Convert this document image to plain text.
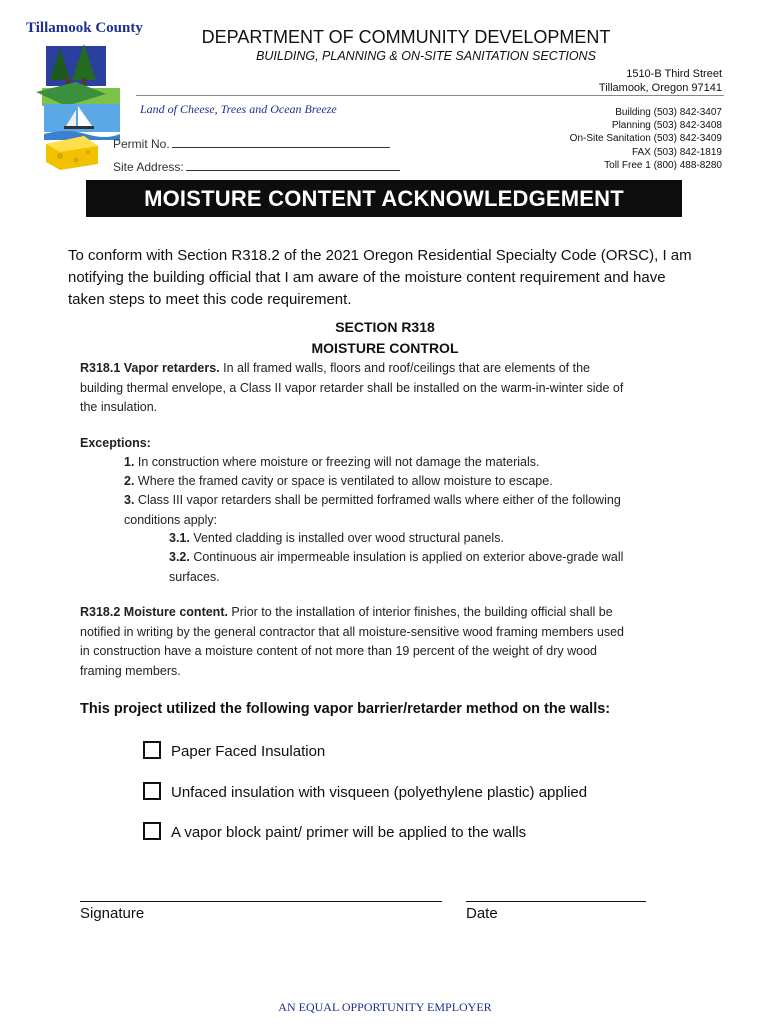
Tillamook County	DEPARTMENT OF COMMUNITY DEVELOPMENT
BUILDING, PLANNING & ON-SITE SANITATION SECTIONS
1510-B Third Street
Tillamook, Oregon 97141
Land of Cheese, Trees and Ocean Breeze	Building (503) 842-3407
Planning (503) 842-3408
On-Site Sanitation (503) 842-3409
FAX (503) 842-1819
Toll Free 1 (800) 488-8280
Permit No.
Site Address:
MOISTURE CONTENT ACKNOWLEDGEMENT
To conform with Section R318.2 of the 2021 Oregon Residential Specialty Code (ORSC), I am notifying the building official that I am aware of the moisture content requirement and have taken steps to meet this code requirement.
SECTION R318
MOISTURE CONTROL
R318.1 Vapor retarders. In all framed walls, floors and roof/ceilings that are elements of the building thermal envelope, a Class II vapor retarder shall be installed on the warm-in-winter side of the insulation.
Exceptions:
1. In construction where moisture or freezing will not damage the materials.
2. Where the framed cavity or space is ventilated to allow moisture to escape.
3. Class III vapor retarders shall be permitted forframed walls where either of the following conditions apply:
3.1. Vented cladding is installed over wood structural panels.
3.2. Continuous air impermeable insulation is applied on exterior above-grade wall surfaces.
R318.2 Moisture content. Prior to the installation of interior finishes, the building official shall be notified in writing by the general contractor that all moisture-sensitive wood framing members used in construction have a moisture content of not more than 19 percent of the weight of dry wood framing members.
This project utilized the following vapor barrier/retarder method on the walls:
Paper Faced Insulation
Unfaced insulation with visqueen (polyethylene plastic) applied
A vapor block paint/ primer will be applied to the walls
Signature	Date
AN EQUAL OPPORTUNITY EMPLOYER
